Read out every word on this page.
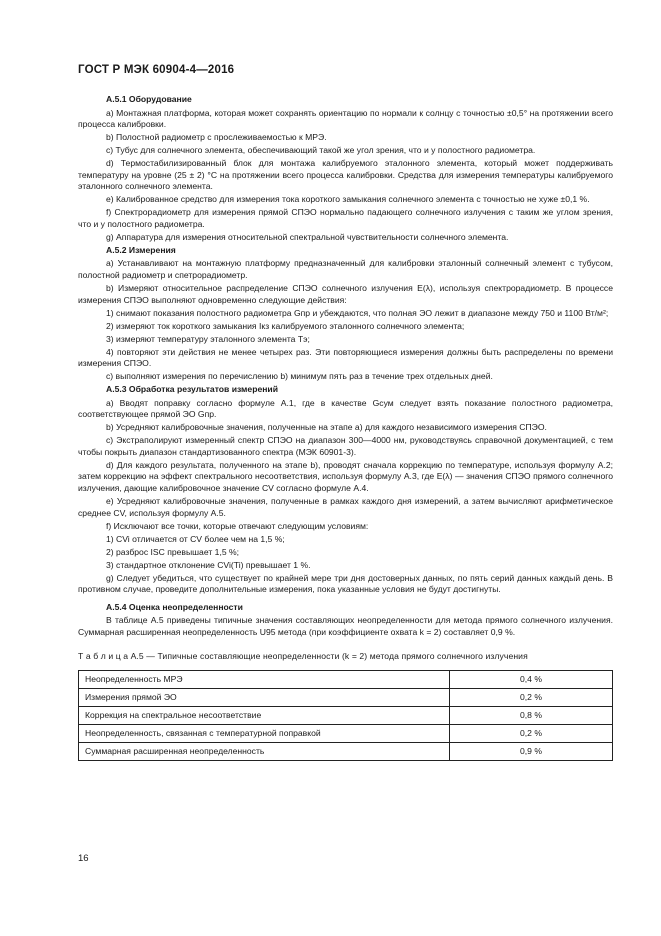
ГОСТ Р МЭК 60904-4—2016
А.5.1 Оборудование
a) Монтажная платформа, которая может сохранять ориентацию по нормали к солнцу с точностью ±0,5° на протяжении всего процесса калибровки.
b) Полостной радиометр с прослеживаемостью к МРЭ.
c) Тубус для солнечного элемента, обеспечивающий такой же угол зрения, что и у полостного радиометра.
d) Термостабилизированный блок для монтажа калибруемого эталонного элемента, который может поддерживать температуру на уровне (25 ± 2) °С на протяжении всего процесса калибровки. Средства для измерения температуры калибруемого эталонного солнечного элемента.
e) Калиброванное средство для измерения тока короткого замыкания солнечного элемента с точностью не хуже ±0,1 %.
f) Спектрорадиометр для измерения прямой СПЭО нормально падающего солнечного излучения с таким же углом зрения, что и у полостного радиометра.
g) Аппаратура для измерения относительной спектральной чувствительности солнечного элемента.
А.5.2 Измерения
a) Устанавливают на монтажную платформу предназначенный для калибровки эталонный солнечный элемент с тубусом, полостной радиометр и спетрорадиометр.
b) Измеряют относительное распределение СПЭО солнечного излучения E(λ), используя спектрорадиометр. В процессе измерения СПЭО выполняют одновременно следующие действия:
1) снимают показания полостного радиометра Gпр и убеждаются, что полная ЭО лежит в диапазоне между 750 и 1100 Вт/м²;
2) измеряют ток короткого замыкания Iкз калибруемого эталонного солнечного элемента;
3) измеряют температуру эталонного элемента Tэ;
4) повторяют эти действия не менее четырех раз. Эти повторяющиеся измерения должны быть распределены по времени измерения СПЭО.
c) выполняют измерения по перечислению b) минимум пять раз в течение трех отдельных дней.
А.5.3 Обработка результатов измерений
a) Вводят поправку согласно формуле А.1, где в качестве Gсум следует взять показание полостного радиометра, соответствующее прямой ЭО Gпр.
b) Усредняют калибровочные значения, полученные на этапе a) для каждого независимого измерения СПЭО.
c) Экстраполируют измеренный спектр СПЭО на диапазон 300—4000 нм, руководствуясь справочной документацией, с тем чтобы покрыть диапазон стандартизованного спектра (МЭК 60901-3).
d) Для каждого результата, полученного на этапе b), проводят сначала коррекцию по температуре, используя формулу А.2; затем коррекцию на эффект спектрального несоответствия, используя формулу А.3, где E(λ) — значения СПЭО прямого солнечного излучения, дающие калибровочное значение CV согласно формуле А.4.
e) Усредняют калибровочные значения, полученные в рамках каждого дня измерений, а затем вычисляют арифметическое среднее CV, используя формулу А.5.
f) Исключают все точки, которые отвечают следующим условиям:
1) CVi отличается от CV более чем на 1,5 %;
2) разброс ISC превышает 1,5 %;
3) стандартное отклонение CVi(Ti) превышает 1 %.
g) Следует убедиться, что существует по крайней мере три дня достоверных данных, по пять серий данных каждый день. В противном случае, проведите дополнительные измерения, пока указанные условия не будут достигнуты.
А.5.4 Оценка неопределенности
В таблице А.5 приведены типичные значения составляющих неопределенности для метода прямого солнечного излучения. Суммарная расширенная неопределенность U95 метода (при коэффициенте охвата k = 2) составляет 0,9 %.
Т а б л и ц а А.5 — Типичные составляющие неопределенности (k = 2) метода прямого солнечного излучения
Неопределенность МРЭ	0,4 %
Измерения прямой ЭО	0,2 %
Коррекция на спектральное несоответствие	0,8 %
Неопределенность, связанная с температурной поправкой	0,2 %
Суммарная расширенная неопределенность	0,9 %
16
